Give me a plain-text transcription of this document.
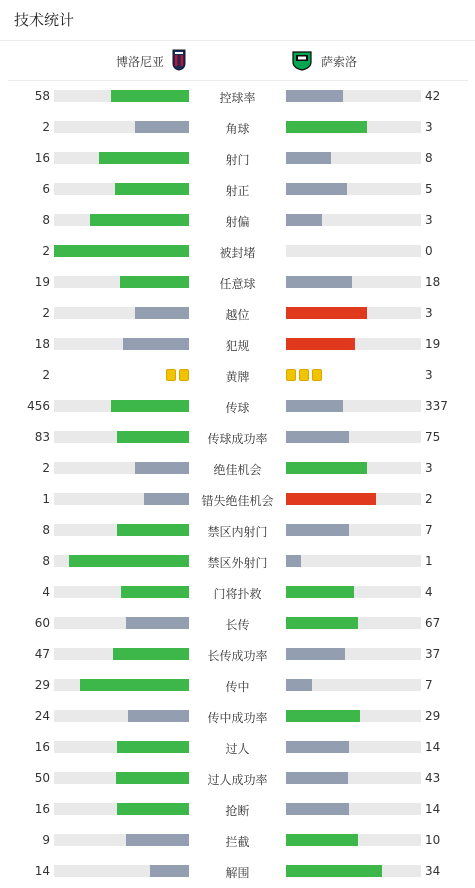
技术统计
博洛尼亚	萨索洛
58	控球率	42
2	角球	3
16	射门	8
6	射正	5
8	射偏	3
2	被封堵	0
19	任意球	18
2	越位	3
18	犯规	19
2	黄牌	3
456	传球	337
83	传球成功率	75
2	绝佳机会	3
1	错失绝佳机会	2
8	禁区内射门	7
8	禁区外射门	1
4	门将扑救	4
60	长传	67
47	长传成功率	37
29	传中	7
24	传中成功率	29
16	过人	14
50	过人成功率	43
16	抢断	14
9	拦截	10
14	解围	34
